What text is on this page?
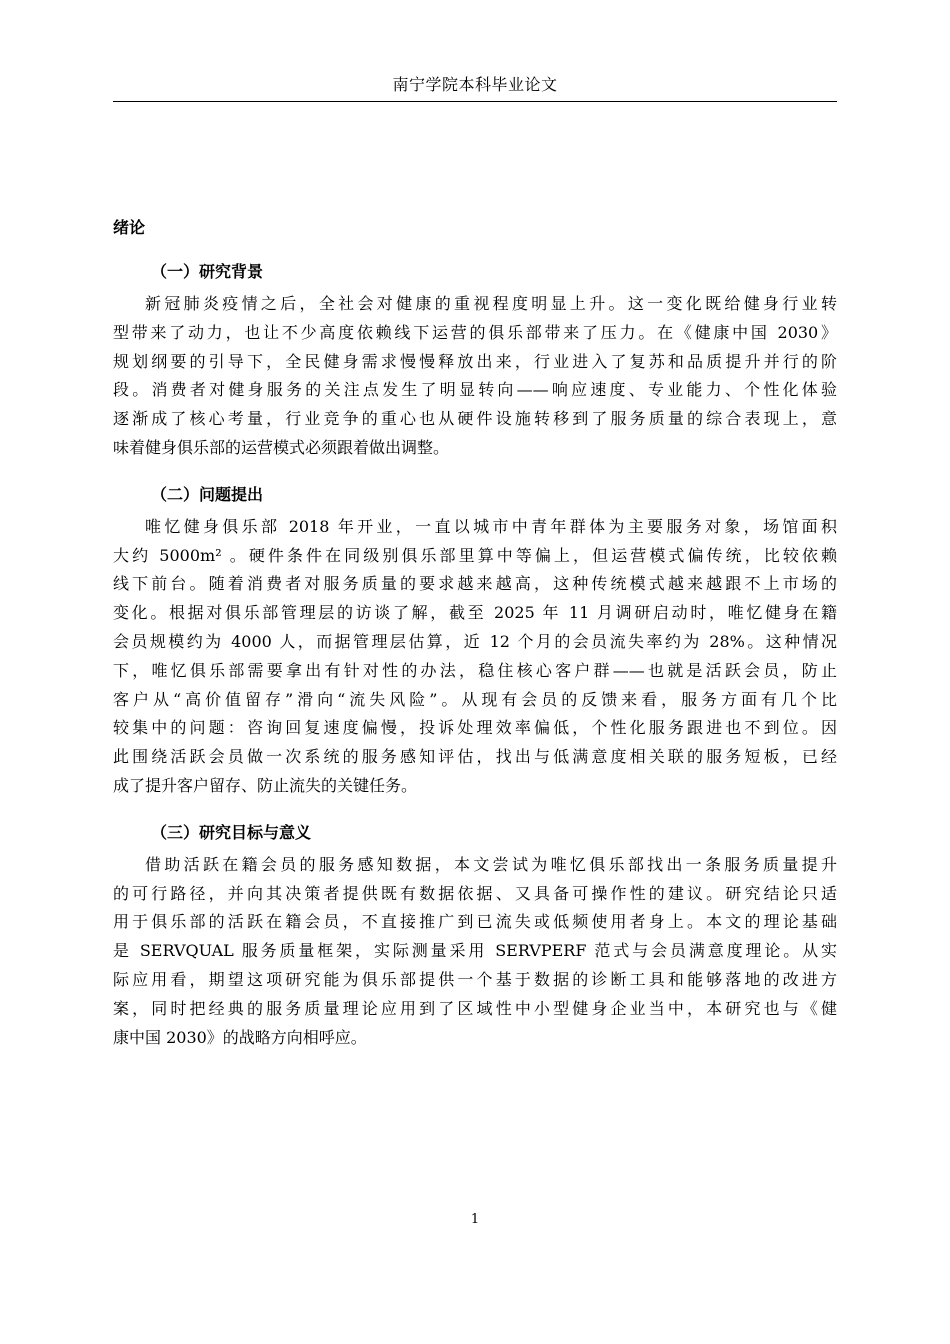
南宁学院本科毕业论文
绪论
（一）研究背景

新冠肺炎疫情之后，全社会对健康的重视程度明显上升。这一变化既给健身行业转
型带来了动力，也让不少高度依赖线下运营的俱乐部带来了压力。在《健康中国 2030》
规划纲要的引导下，全民健身需求慢慢释放出来，行业进入了复苏和品质提升并行的阶
段。消费者对健身服务的关注点发生了明显转向——响应速度、专业能力、个性化体验
逐渐成了核心考量，行业竞争的重心也从硬件设施转移到了服务质量的综合表现上，意
味着健身俱乐部的运营模式必须跟着做出调整。

（二）问题提出

唯忆健身俱乐部 2018 年开业，一直以城市中青年群体为主要服务对象，场馆面积
大约 5000m² 。硬件条件在同级别俱乐部里算中等偏上，但运营模式偏传统，比较依赖
线下前台。随着消费者对服务质量的要求越来越高，这种传统模式越来越跟不上市场的
变化。根据对俱乐部管理层的访谈了解，截至 2025 年 11 月调研启动时，唯忆健身在籍
会员规模约为 4000 人，而据管理层估算，近 12 个月的会员流失率约为 28%。这种情况
下，唯忆俱乐部需要拿出有针对性的办法，稳住核心客户群——也就是活跃会员，防止
客户从“高价值留存”滑向“流失风险”。从现有会员的反馈来看，服务方面有几个比
较集中的问题：咨询回复速度偏慢，投诉处理效率偏低，个性化服务跟进也不到位。因
此围绕活跃会员做一次系统的服务感知评估，找出与低满意度相关联的服务短板，已经
成了提升客户留存、防止流失的关键任务。

（三）研究目标与意义

借助活跃在籍会员的服务感知数据，本文尝试为唯忆俱乐部找出一条服务质量提升
的可行路径，并向其决策者提供既有数据依据、又具备可操作性的建议。研究结论只适
用于俱乐部的活跃在籍会员，不直接推广到已流失或低频使用者身上。本文的理论基础
是 SERVQUAL 服务质量框架，实际测量采用 SERVPERF 范式与会员满意度理论。从实
际应用看，期望这项研究能为俱乐部提供一个基于数据的诊断工具和能够落地的改进方
案，同时把经典的服务质量理论应用到了区域性中小型健身企业当中，本研究也与《健
康中国 2030》的战略方向相呼应。

1
